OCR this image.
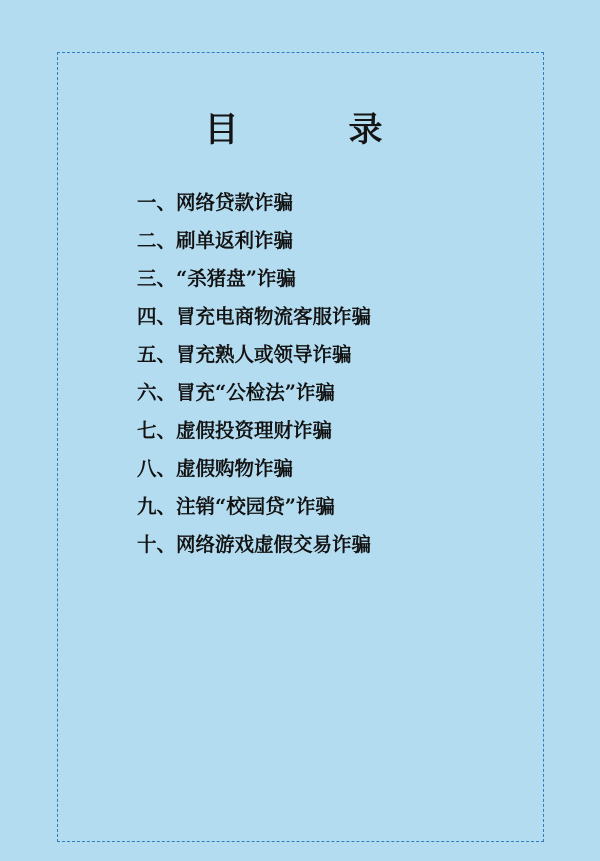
目　　录
一、网络贷款诈骗
二、刷单返利诈骗
三、“杀猪盘”诈骗
四、冒充电商物流客服诈骗
五、冒充熟人或领导诈骗
六、冒充“公检法”诈骗
七、虚假投资理财诈骗
八、虚假购物诈骗
九、注销“校园贷”诈骗
十、网络游戏虚假交易诈骗
